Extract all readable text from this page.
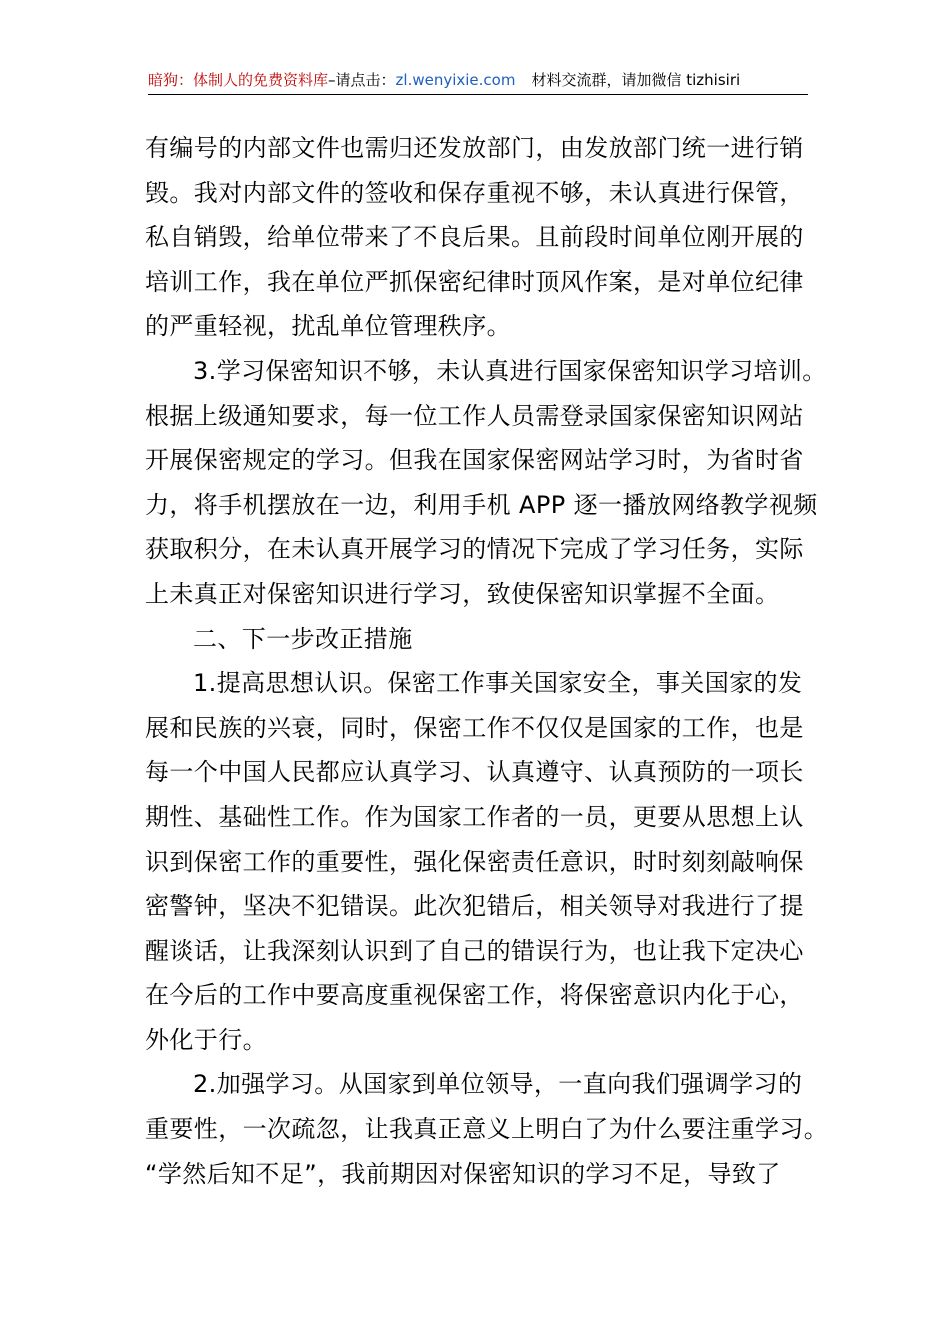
暗狗：体制人的免费资料库–请点击：zl.wenyixie.com 材料交流群，请加微信 tizhisiri
有编号的内部文件也需归还发放部门，由发放部门统一进行销
毁。我对内部文件的签收和保存重视不够，未认真进行保管，
私自销毁，给单位带来了不良后果。且前段时间单位刚开展的
培训工作，我在单位严抓保密纪律时顶风作案，是对单位纪律
的严重轻视，扰乱单位管理秩序。
3.学习保密知识不够，未认真进行国家保密知识学习培训。
根据上级通知要求，每一位工作人员需登录国家保密知识网站
开展保密规定的学习。但我在国家保密网站学习时，为省时省
力，将手机摆放在一边，利用手机 APP 逐一播放网络教学视频
获取积分，在未认真开展学习的情况下完成了学习任务，实际
上未真正对保密知识进行学习，致使保密知识掌握不全面。
二、下一步改正措施
1.提高思想认识。保密工作事关国家安全，事关国家的发
展和民族的兴衰，同时，保密工作不仅仅是国家的工作，也是
每一个中国人民都应认真学习、认真遵守、认真预防的一项长
期性、基础性工作。作为国家工作者的一员，更要从思想上认
识到保密工作的重要性，强化保密责任意识，时时刻刻敲响保
密警钟，坚决不犯错误。此次犯错后，相关领导对我进行了提
醒谈话，让我深刻认识到了自己的错误行为，也让我下定决心
在今后的工作中要高度重视保密工作，将保密意识内化于心，
外化于行。
2.加强学习。从国家到单位领导，一直向我们强调学习的
重要性，一次疏忽，让我真正意义上明白了为什么要注重学习。
“学然后知不足”，我前期因对保密知识的学习不足，导致了
